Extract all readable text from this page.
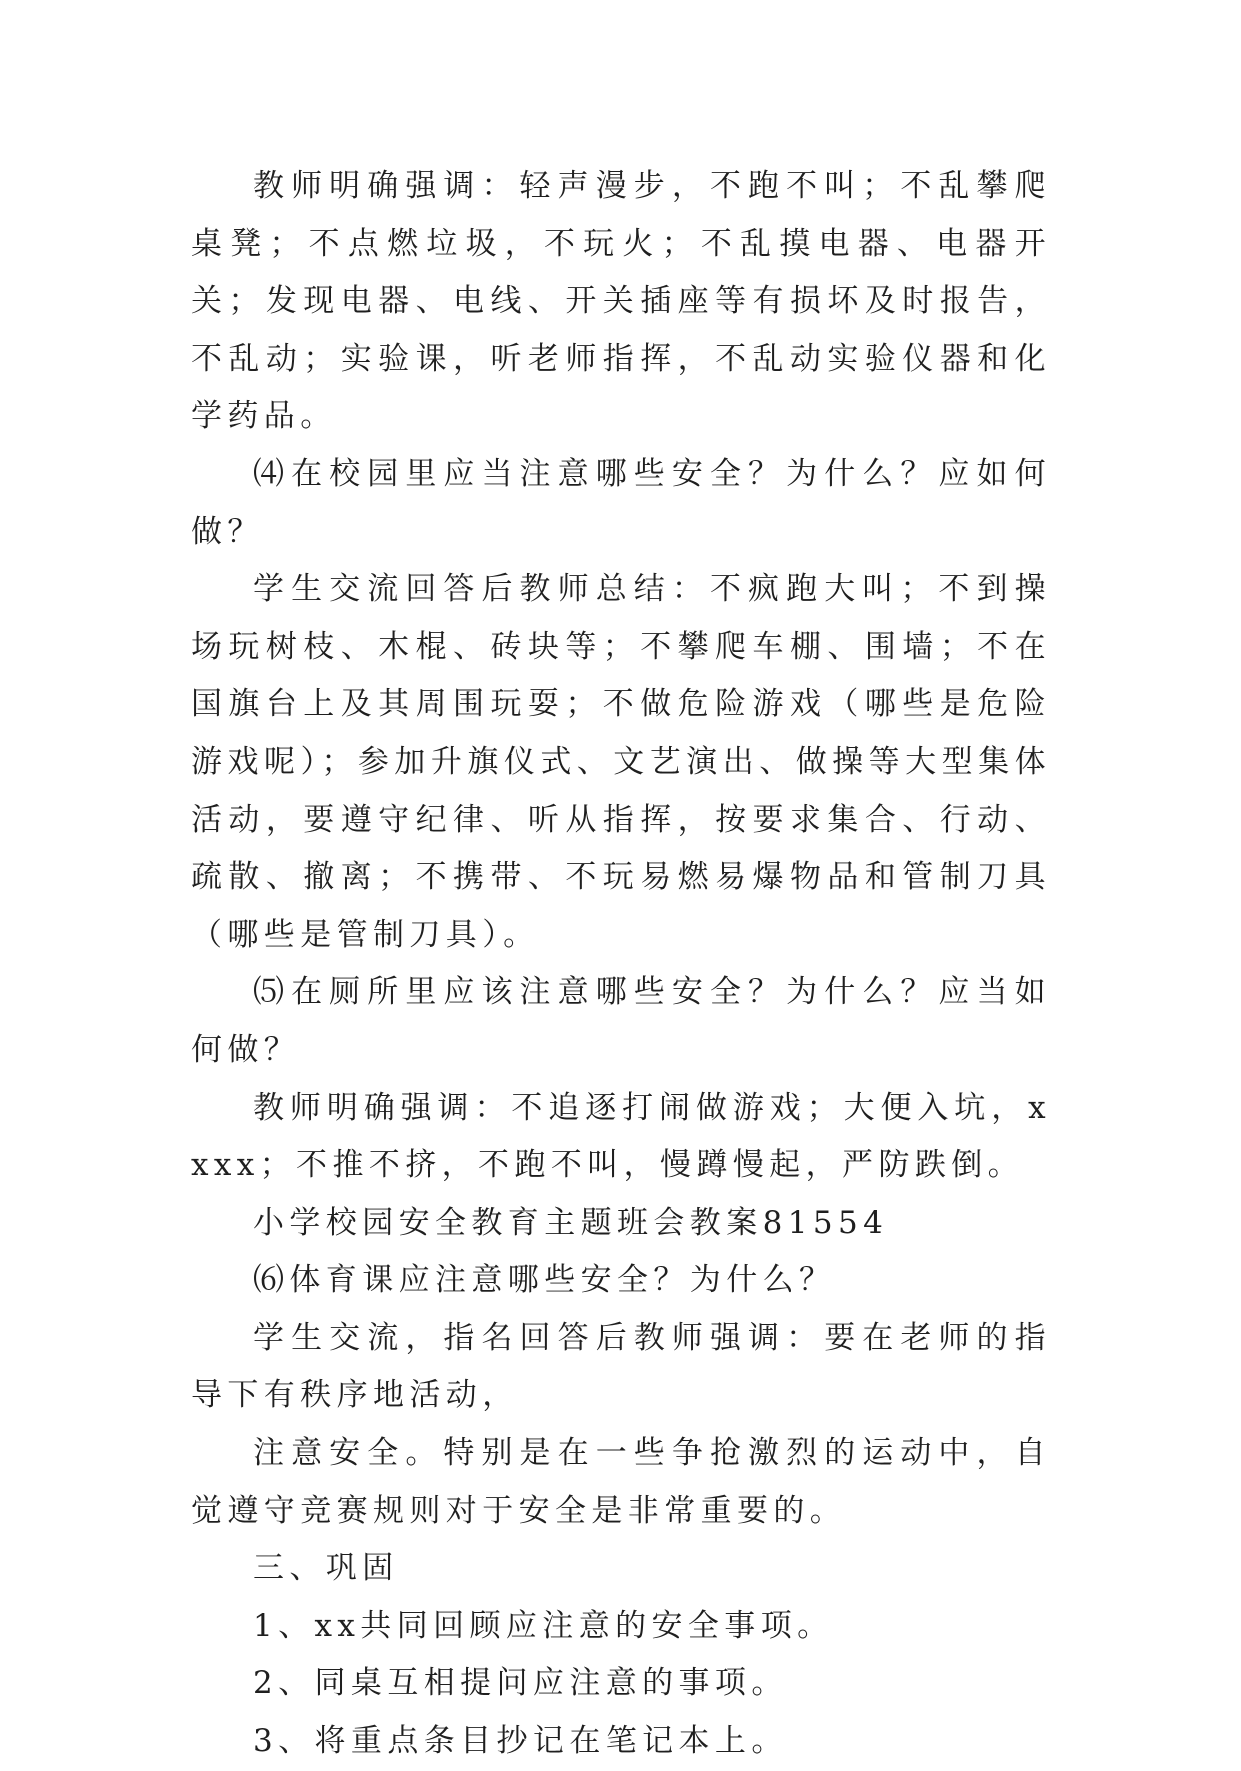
教师明确强调：轻声漫步，不跑不叫；不乱攀爬桌凳；不点燃垃圾，不玩火；不乱摸电器、电器开关；发现电器、电线、开关插座等有损坏及时报告，不乱动；实验课，听老师指挥，不乱动实验仪器和化学药品。

⑷在校园里应当注意哪些安全？为什么？应如何做？

学生交流回答后教师总结：不疯跑大叫；不到操场玩树枝、木棍、砖块等；不攀爬车棚、围墙；不在国旗台上及其周围玩耍；不做危险游戏（哪些是危险游戏呢）；参加升旗仪式、文艺演出、做操等大型集体活动，要遵守纪律、听从指挥，按要求集合、行动、疏散、撤离；不携带、不玩易燃易爆物品和管制刀具（哪些是管制刀具）。

⑸在厕所里应该注意哪些安全？为什么？应当如何做？

教师明确强调：不追逐打闹做游戏；大便入坑，xxxx；不推不挤，不跑不叫，慢蹲慢起，严防跌倒。

小学校园安全教育主题班会教案81554

⑹体育课应注意哪些安全？为什么？

学生交流，指名回答后教师强调：要在老师的指导下有秩序地活动，

注意安全。特别是在一些争抢激烈的运动中，自觉遵守竞赛规则对于安全是非常重要的。

三、巩固

1、xx共同回顾应注意的安全事项。

2、同桌互相提问应注意的事项。

3、将重点条目抄记在笔记本上。
